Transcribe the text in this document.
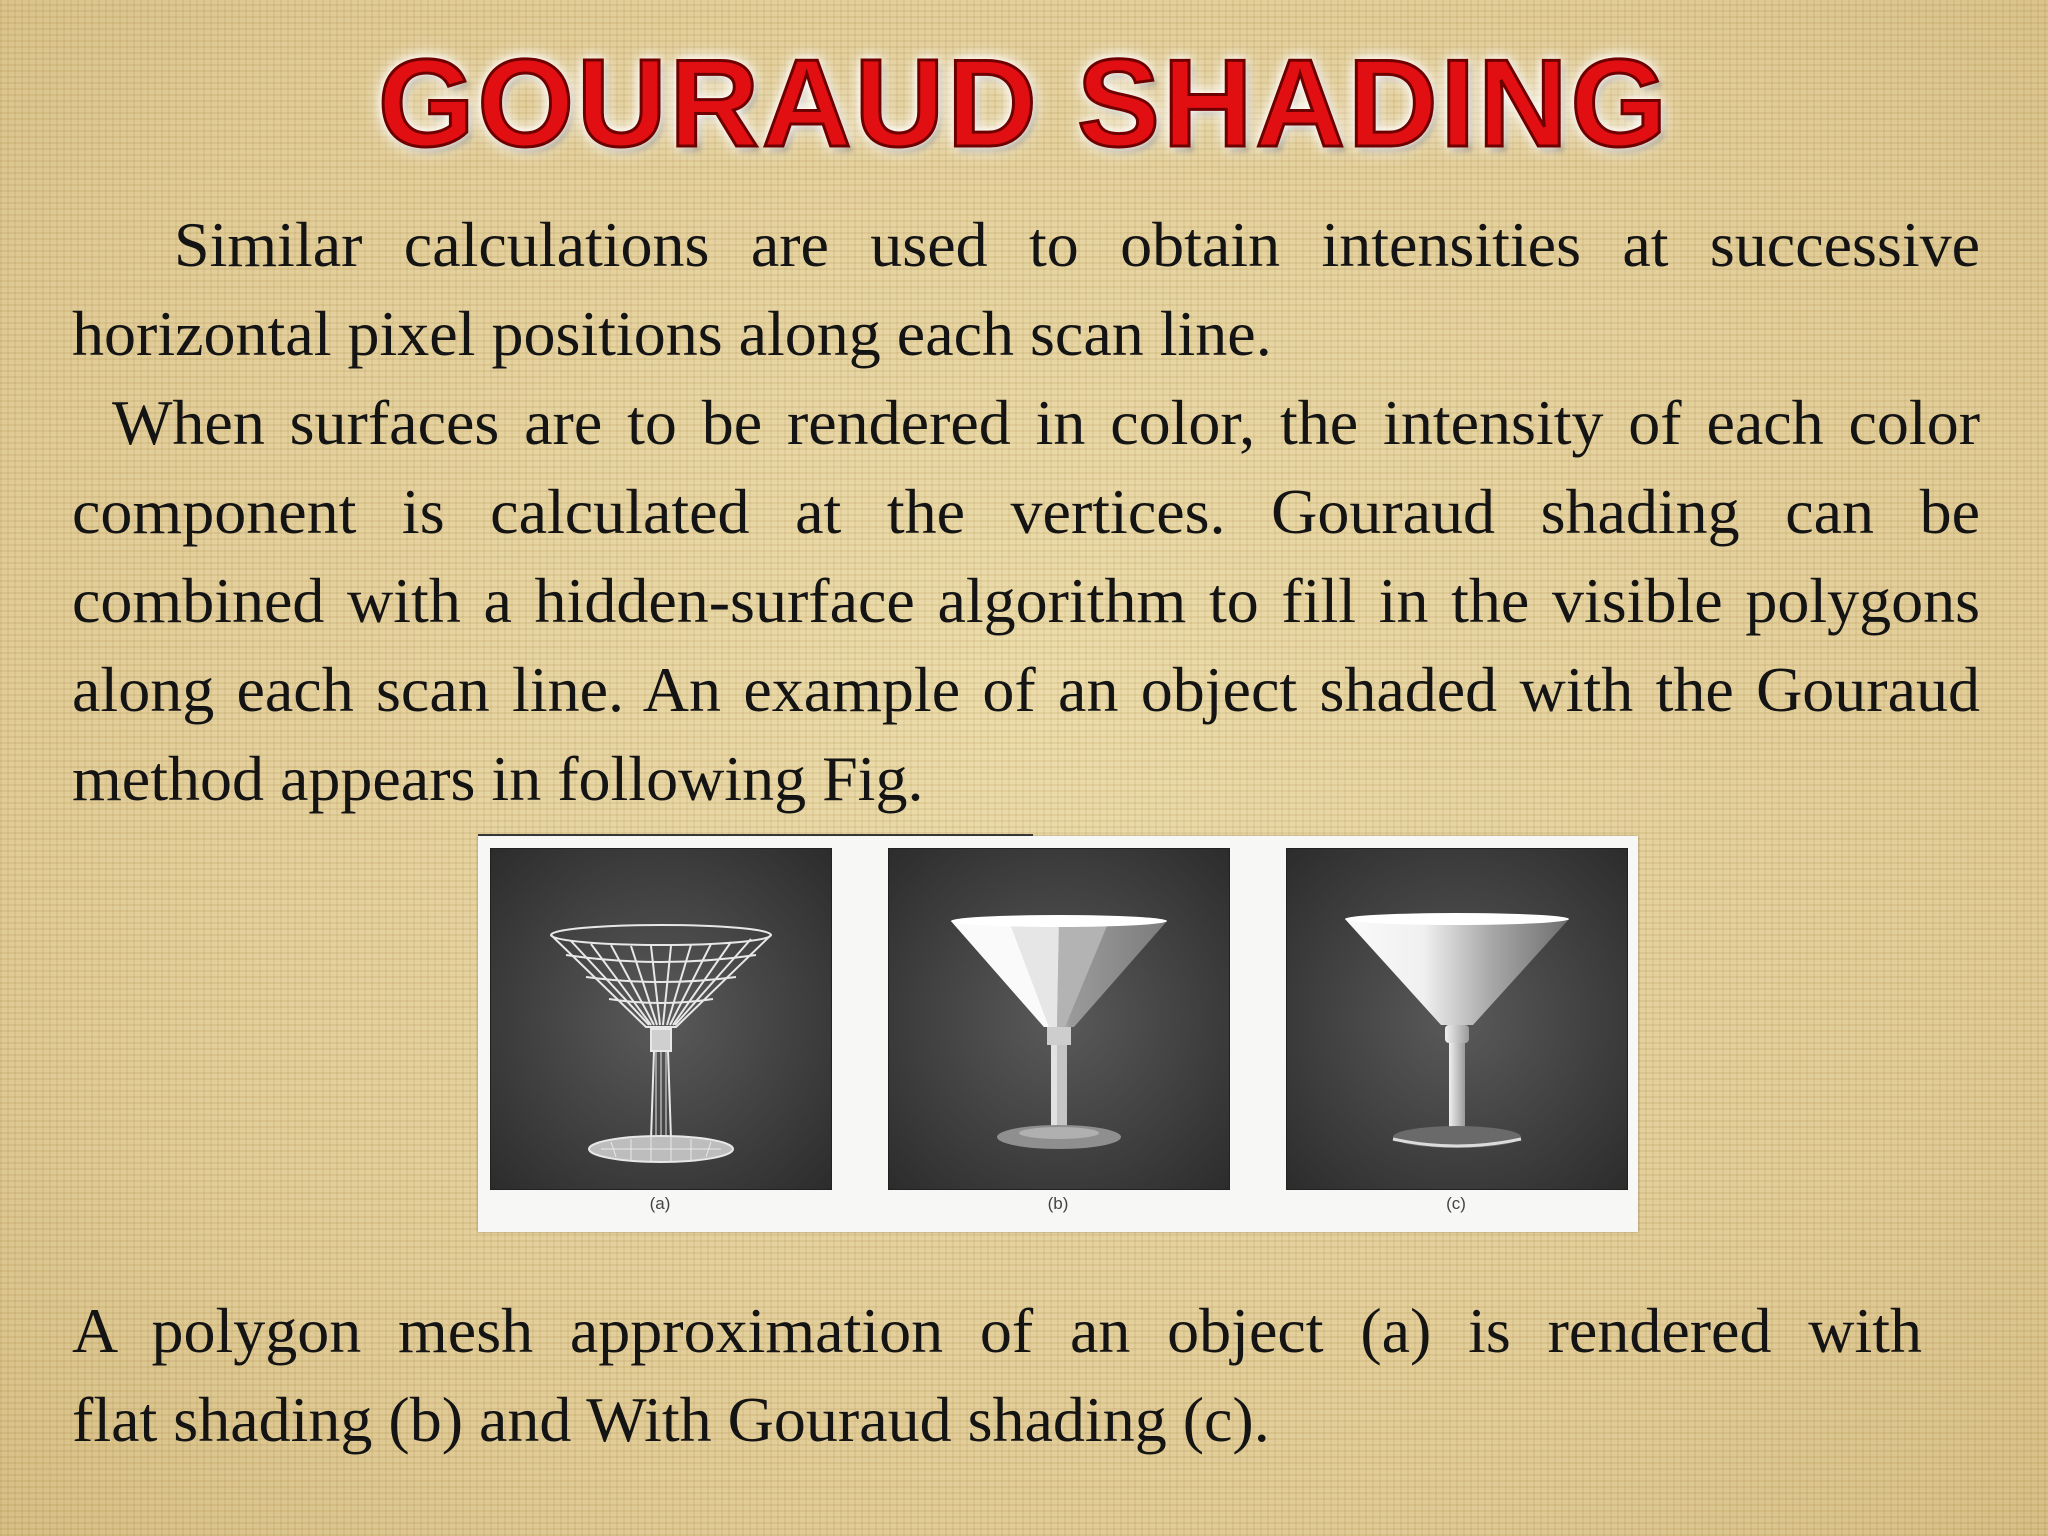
GOURAUD SHADING

Similar calculations are used to obtain intensities at successive horizontal pixel positions along each scan line.

When surfaces are to be rendered in color, the intensity of each color component is calculated at the vertices. Gouraud shading can be combined with a hidden-surface algorithm to fill in the visible polygons along each scan line. An example of an object shaded with the Gouraud method appears in following Fig.

(a)	(b)	(c)
A polygon mesh approximation of an object (a) is rendered with
flat shading (b) and With Gouraud shading (c).
